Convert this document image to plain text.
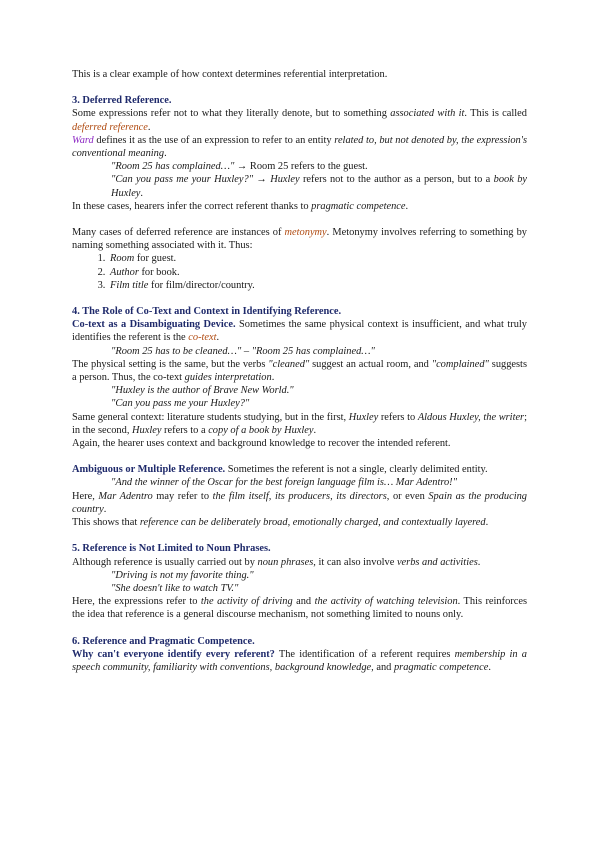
This is a clear example of how context determines referential interpretation.

3. Deferred Reference.

Some expressions refer not to what they literally denote, but to something associated with it. This is called deferred reference.

Ward defines it as the use of an expression to refer to an entity related to, but not denoted by, the expression's conventional meaning.

"Room 25 has complained…" → Room 25 refers to the guest.

"Can you pass me your Huxley?" → Huxley refers not to the author as a person, but to a book by Huxley.

In these cases, hearers infer the correct referent thanks to pragmatic competence.

Many cases of deferred reference are instances of metonymy. Metonymy involves referring to something by naming something associated with it. Thus:

1. Room for guest.
2. Author for book.
3. Film title for film/director/country.

4. The Role of Co-Text and Context in Identifying Reference.

Co-text as a Disambiguating Device. Sometimes the same physical context is insufficient, and what truly identifies the referent is the co-text.

"Room 25 has to be cleaned…" – "Room 25 has complained…"

The physical setting is the same, but the verbs "cleaned" suggest an actual room, and "complained" suggests a person. Thus, the co-text guides interpretation.

"Huxley is the author of Brave New World."

"Can you pass me your Huxley?"

Same general context: literature students studying, but in the first, Huxley refers to Aldous Huxley, the writer; in the second, Huxley refers to a copy of a book by Huxley.

Again, the hearer uses context and background knowledge to recover the intended referent.

Ambiguous or Multiple Reference. Sometimes the referent is not a single, clearly delimited entity.

"And the winner of the Oscar for the best foreign language film is… Mar Adentro!"

Here, Mar Adentro may refer to the film itself, its producers, its directors, or even Spain as the producing country.

This shows that reference can be deliberately broad, emotionally charged, and contextually layered.

5. Reference is Not Limited to Noun Phrases.

Although reference is usually carried out by noun phrases, it can also involve verbs and activities.

"Driving is not my favorite thing."

"She doesn't like to watch TV."

Here, the expressions refer to the activity of driving and the activity of watching television. This reinforces the idea that reference is a general discourse mechanism, not something limited to nouns only.

6. Reference and Pragmatic Competence.

Why can't everyone identify every referent? The identification of a referent requires membership in a speech community, familiarity with conventions, background knowledge, and pragmatic competence.
